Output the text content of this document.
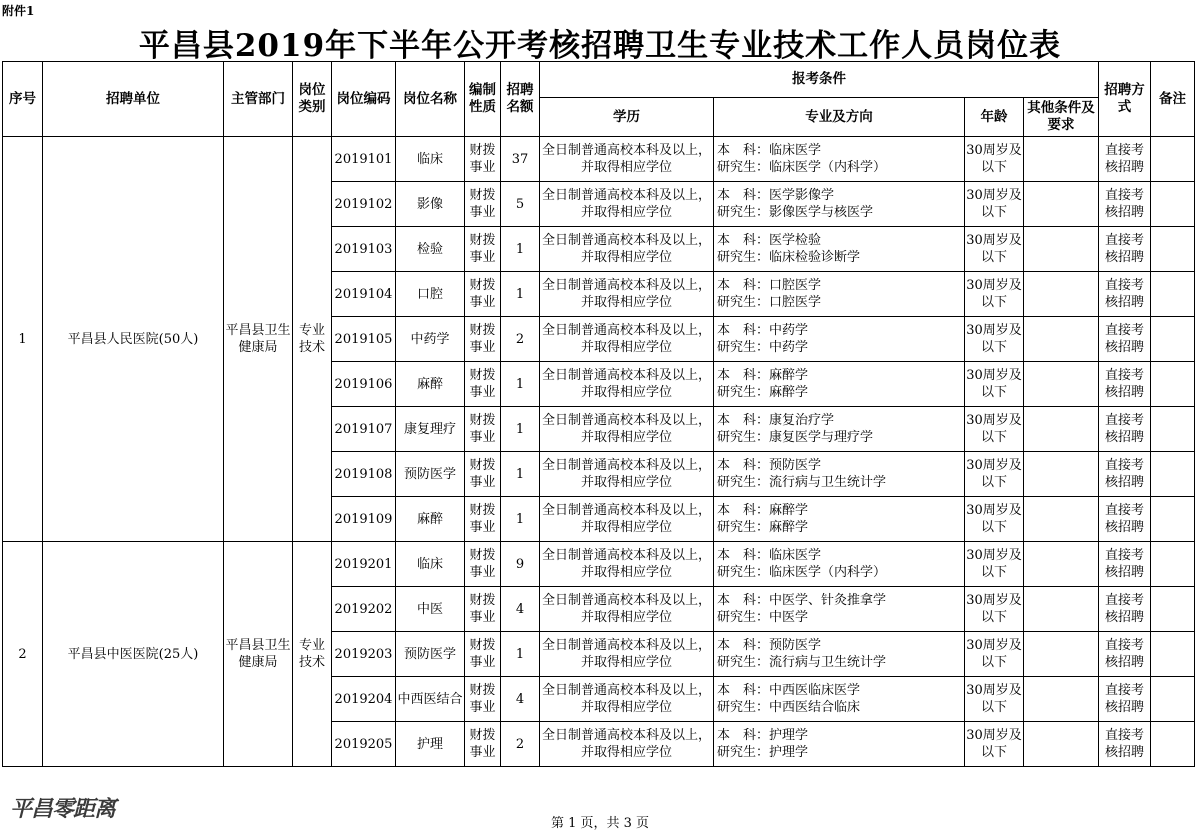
附件1
平昌县2019年下半年公开考核招聘卫生专业技术工作人员岗位表
序号	招聘单位	主管部门	岗位类别	岗位编码	岗位名称	编制性质	招聘名额	报考条件				招聘方式	备注
								学历	专业及方向	年龄	其他条件及要求		
1	平昌县人民医院(50人)	平昌县卫生健康局	专业技术	2019101	临床	财拨事业	37	全日制普通高校本科及以上，并取得相应学位	本　科：临床医学
研究生：临床医学（内科学）	30周岁及以下		直接考核招聘	
				2019102	影像	财拨事业	5	全日制普通高校本科及以上，并取得相应学位	本　科：医学影像学
研究生：影像医学与核医学	30周岁及以下		直接考核招聘	
				2019103	检验	财拨事业	1	全日制普通高校本科及以上，并取得相应学位	本　科：医学检验
研究生：临床检验诊断学	30周岁及以下		直接考核招聘	
				2019104	口腔	财拨事业	1	全日制普通高校本科及以上，并取得相应学位	本　科：口腔医学
研究生：口腔医学	30周岁及以下		直接考核招聘	
				2019105	中药学	财拨事业	2	全日制普通高校本科及以上，并取得相应学位	本　科：中药学
研究生：中药学	30周岁及以下		直接考核招聘	
				2019106	麻醉	财拨事业	1	全日制普通高校本科及以上，并取得相应学位	本　科：麻醉学
研究生：麻醉学	30周岁及以下		直接考核招聘	
				2019107	康复理疗	财拨事业	1	全日制普通高校本科及以上，并取得相应学位	本　科：康复治疗学
研究生：康复医学与理疗学	30周岁及以下		直接考核招聘	
				2019108	预防医学	财拨事业	1	全日制普通高校本科及以上，并取得相应学位	本　科：预防医学
研究生：流行病与卫生统计学	30周岁及以下		直接考核招聘	
				2019109	麻醉	财拨事业	1	全日制普通高校本科及以上，并取得相应学位	本　科：麻醉学
研究生：麻醉学	30周岁及以下		直接考核招聘	
2	平昌县中医医院(25人)	平昌县卫生健康局	专业技术	2019201	临床	财拨事业	9	全日制普通高校本科及以上，并取得相应学位	本　科：临床医学
研究生：临床医学（内科学）	30周岁及以下		直接考核招聘	
				2019202	中医	财拨事业	4	全日制普通高校本科及以上，并取得相应学位	本　科：中医学、针灸推拿学
研究生：中医学	30周岁及以下		直接考核招聘	
				2019203	预防医学	财拨事业	1	全日制普通高校本科及以上，并取得相应学位	本　科：预防医学
研究生：流行病与卫生统计学	30周岁及以下		直接考核招聘	
				2019204	中西医结合	财拨事业	4	全日制普通高校本科及以上，并取得相应学位	本　科：中西医临床医学
研究生：中西医结合临床	30周岁及以下		直接考核招聘	
				2019205	护理	财拨事业	2	全日制普通高校本科及以上，并取得相应学位	本　科：护理学
研究生：护理学	30周岁及以下		直接考核招聘	
平昌零距离
第 1 页，共 3 页
